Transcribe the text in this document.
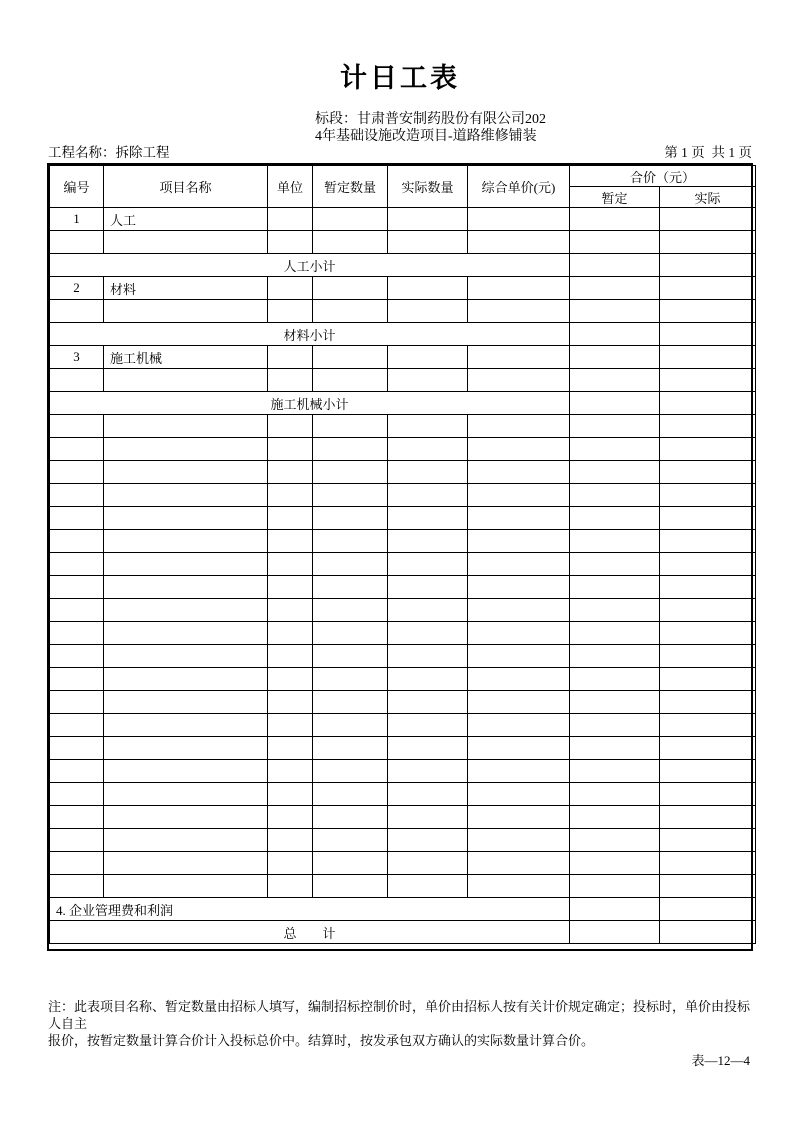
计日工表
标段：甘肃普安制药股份有限公司202
4年基础设施改造项目-道路维修铺装
工程名称：拆除工程	第 1 页  共 1 页
编号	项目名称	单位	暂定数量	实际数量	综合单价(元)	合价（元）	
						暂定	实际
1	人工						

人工小计							
2	材料						

材料小计							
3	施工机械						

施工机械小计							

4. 企业管理费和利润							
总　　计							
注：此表项目名称、暂定数量由招标人填写，编制招标控制价时，单价由招标人按有关计价规定确定；投标时，单价由投标人自主
报价，按暂定数量计算合价计入投标总价中。结算时，按发承包双方确认的实际数量计算合价。
表—12—4
